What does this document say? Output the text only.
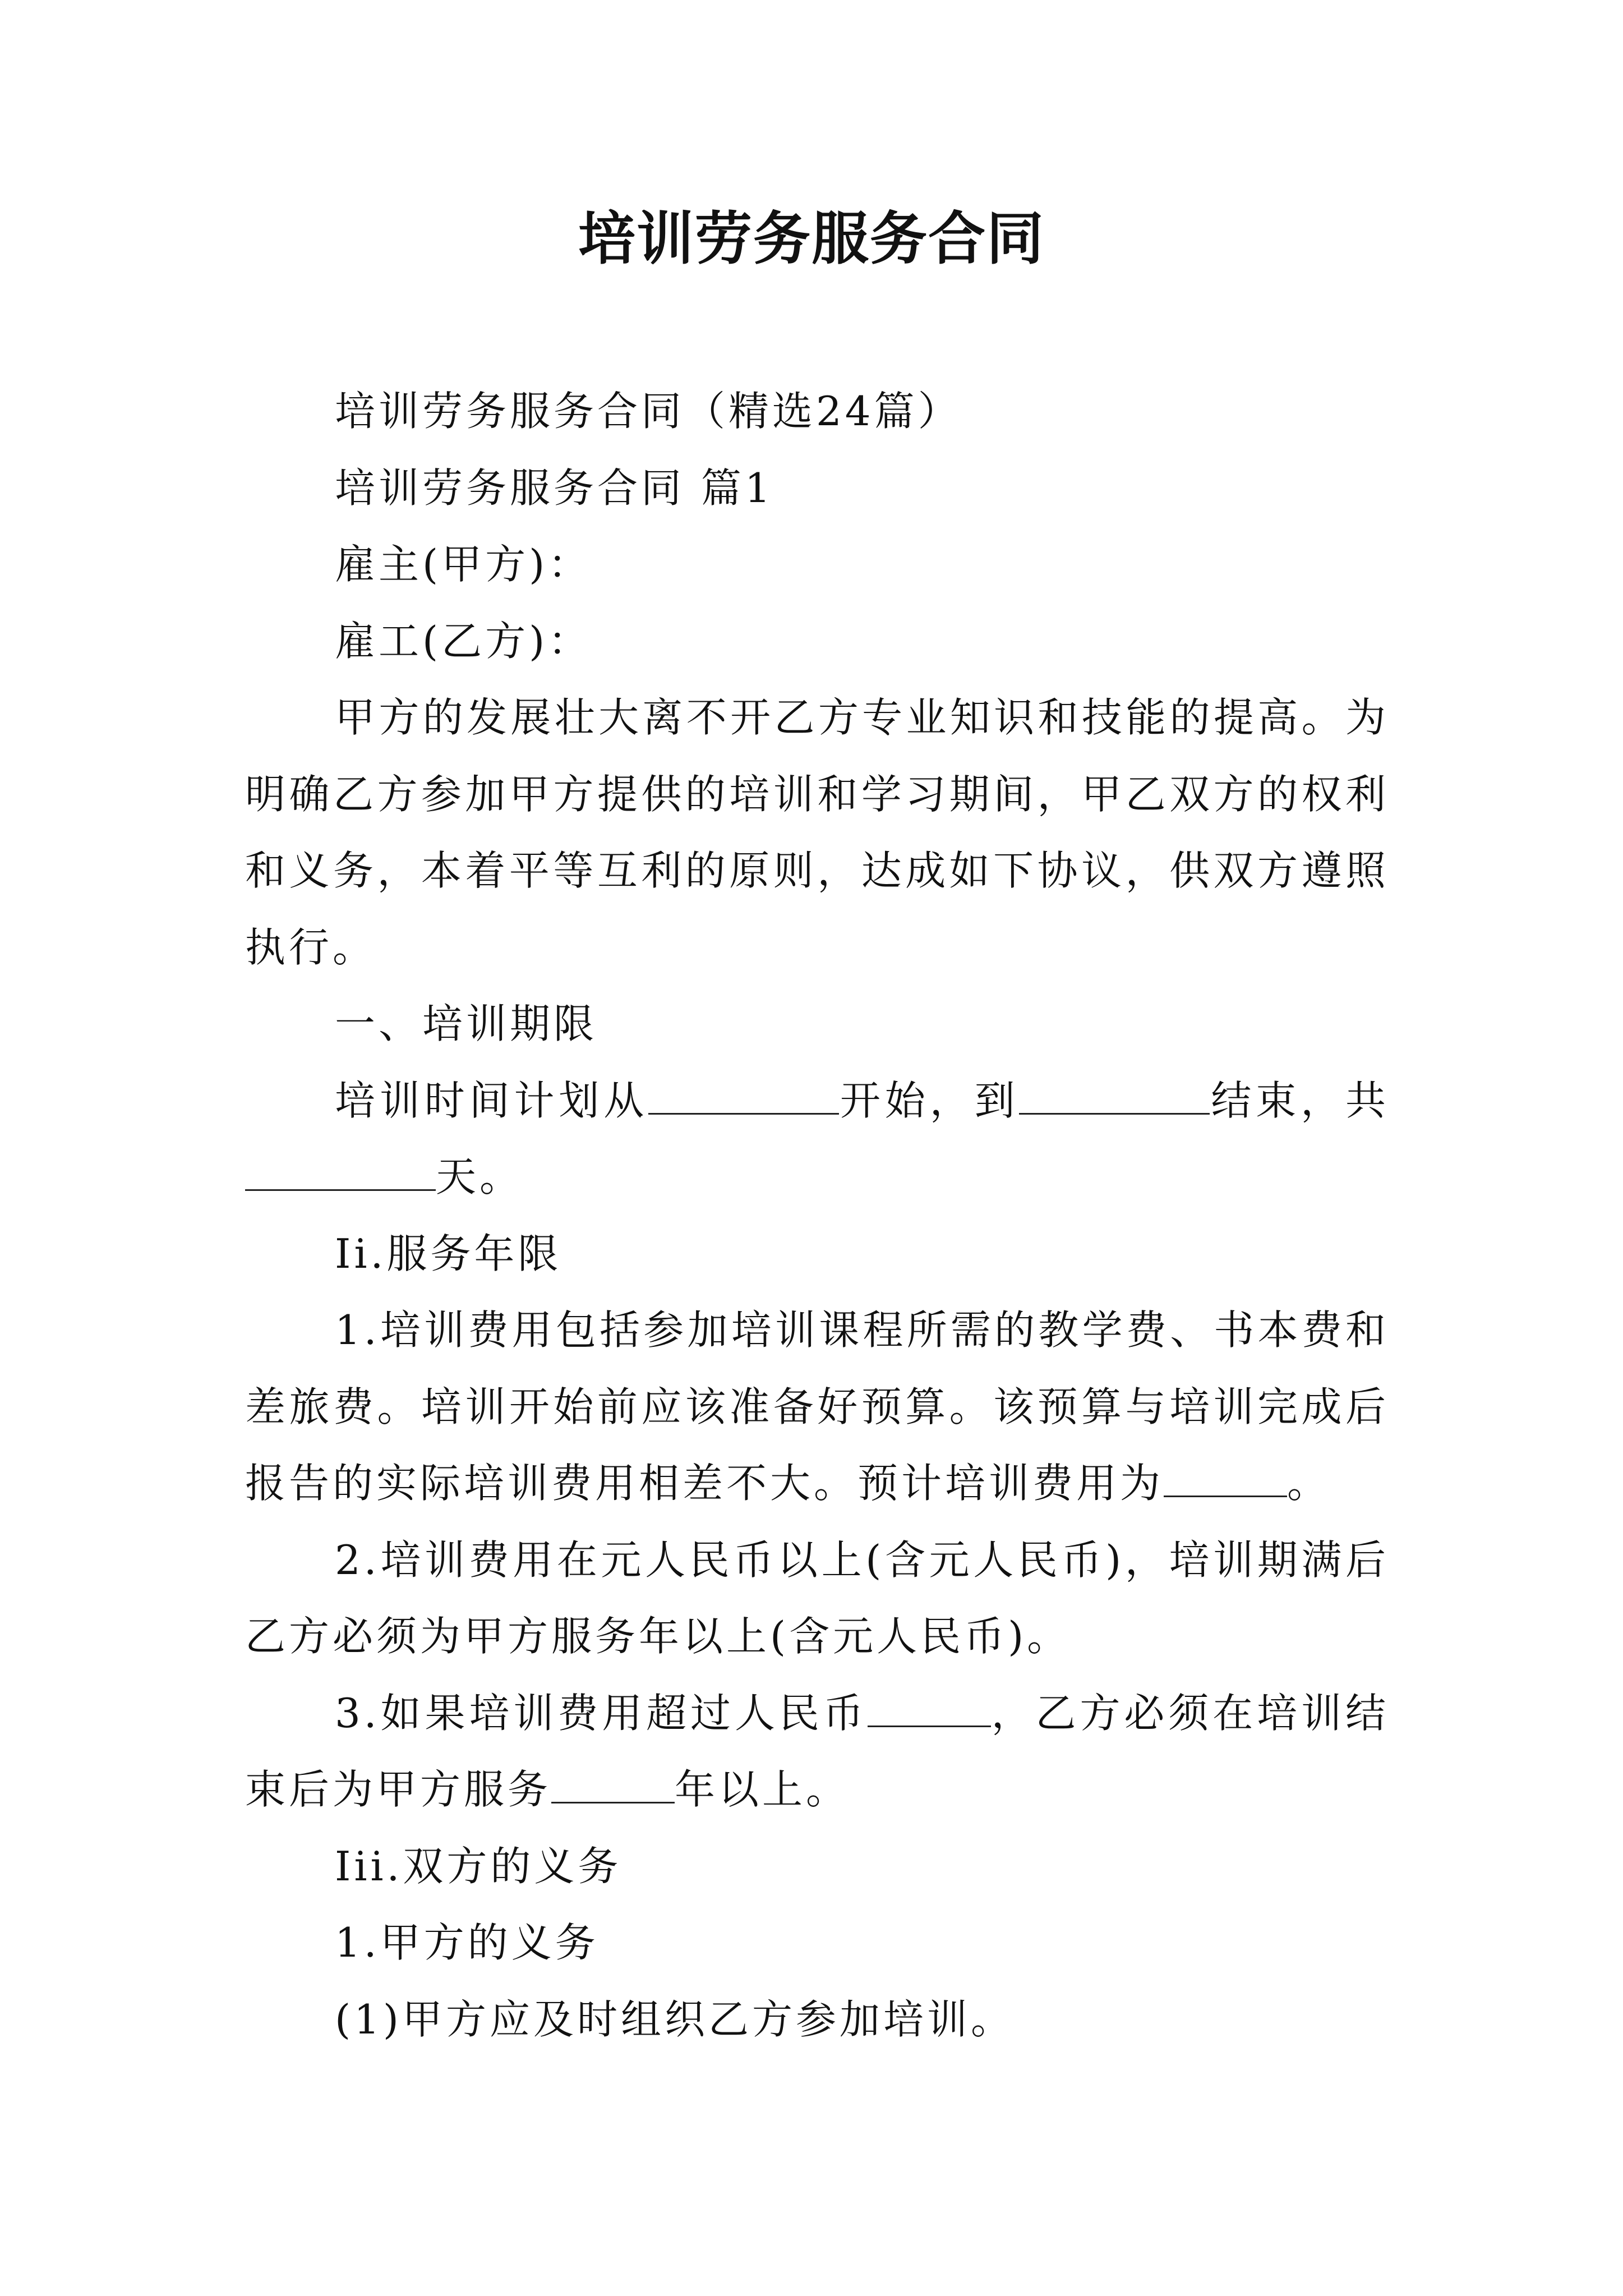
培训劳务服务合同

培训劳务服务合同（精选24篇）

培训劳务服务合同 篇1

雇主(甲方)：

雇工(乙方)：

甲方的发展壮大离不开乙方专业知识和技能的提高。为明确乙方参加甲方提供的培训和学习期间，甲乙双方的权利和义务，本着平等互利的原则，达成如下协议，供双方遵照执行。

一、培训期限

培训时间计划从	开始，到	结束，共天。

Ii.服务年限

1.培训费用包括参加培训课程所需的教学费、书本费和差旅费。培训开始前应该准备好预算。该预算与培训完成后报告的实际培训费用相差不大。预计培训费用为	。

2.培训费用在元人民币以上(含元人民币)，培训期满后乙方必须为甲方服务年以上(含元人民币)。

3.如果培训费用超过人民币	，乙方必须在培训结束后为甲方服务	年以上。

Iii.双方的义务

1.甲方的义务

(1)甲方应及时组织乙方参加培训。
